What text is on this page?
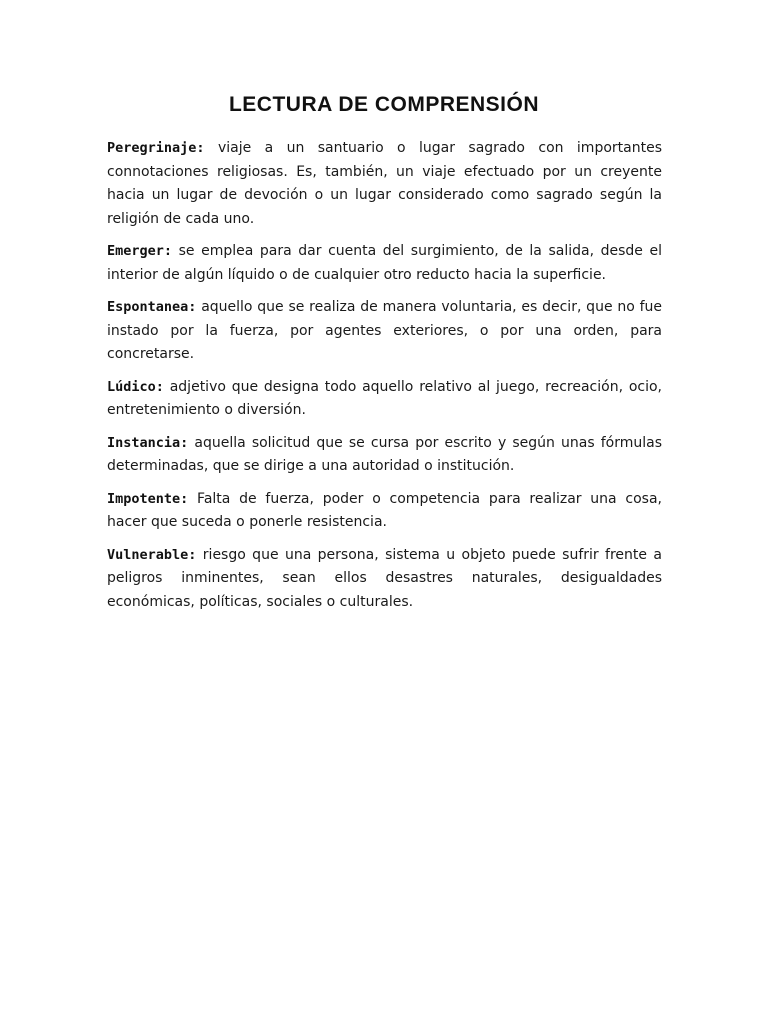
LECTURA DE COMPRENSIÓN

Peregrinaje: viaje a un santuario o lugar sagrado con importantes connotaciones religiosas. Es, también, un viaje efectuado por un creyente hacia un lugar de devoción o un lugar considerado como sagrado según la religión de cada uno.

Emerger: se emplea para dar cuenta del surgimiento, de la salida, desde el interior de algún líquido o de cualquier otro reducto hacia la superficie.

Espontanea: aquello que se realiza de manera voluntaria, es decir, que no fue instado por la fuerza, por agentes exteriores, o por una orden, para concretarse.

Lúdico: adjetivo que designa todo aquello relativo al juego, recreación, ocio, entretenimiento o diversión.

Instancia: aquella solicitud que se cursa por escrito y según unas fórmulas determinadas, que se dirige a una autoridad o institución.

Impotente: Falta de fuerza, poder o competencia para realizar una cosa, hacer que suceda o ponerle resistencia.

Vulnerable: riesgo que una persona, sistema u objeto puede sufrir frente a peligros inminentes, sean ellos desastres naturales, desigualdades económicas, políticas, sociales o culturales.
